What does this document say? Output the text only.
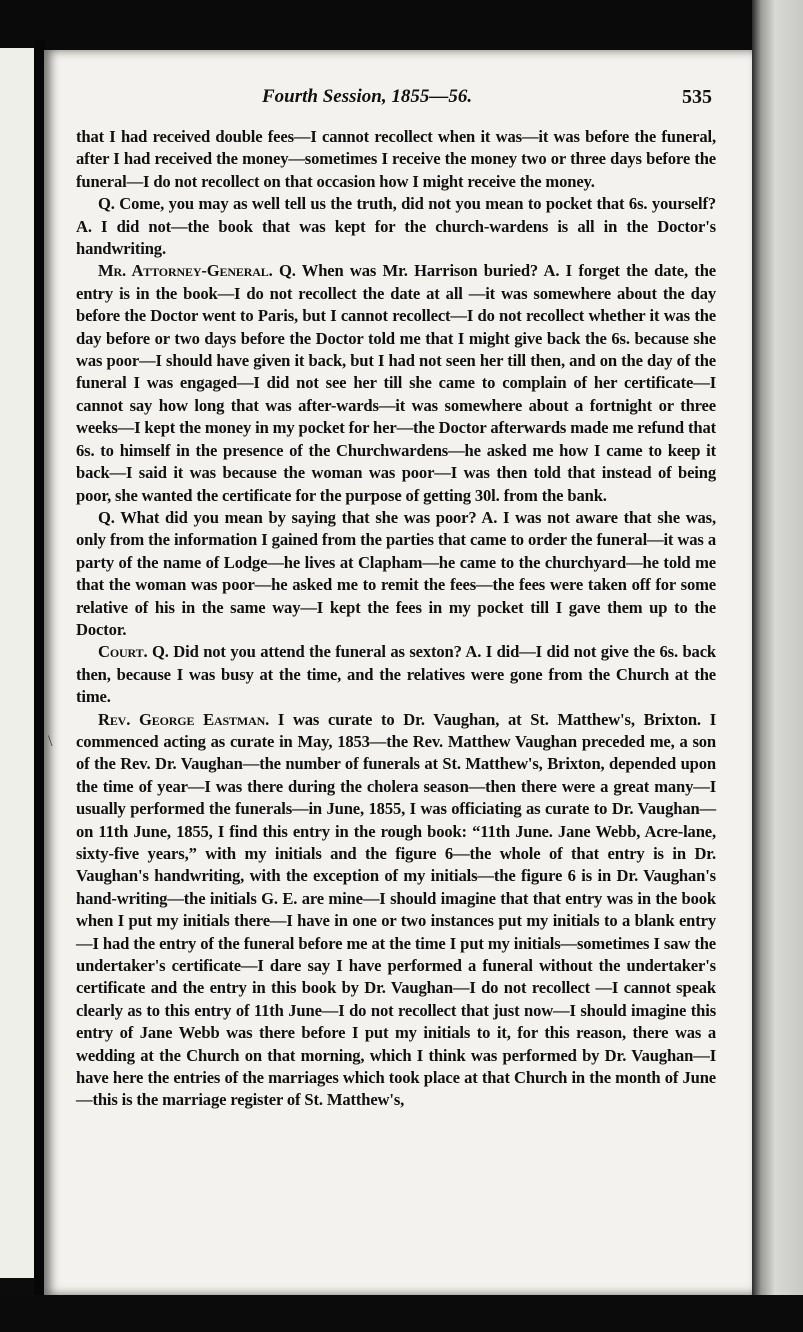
Fourth Session, 1855—56.	535
\

that I had received double fees—I cannot recollect when it was—it was before the funeral, after I had received the money—sometimes I receive the money two or three days before the funeral—I do not recollect on that occasion how I might receive the money.

Q. Come, you may as well tell us the truth, did not you mean to pocket that 6s. yourself? A. I did not—the book that was kept for the church-wardens is all in the Doctor's handwriting.

Mr. Attorney-General. Q. When was Mr. Harrison buried? A. I forget the date, the entry is in the book—I do not recollect the date at all —it was somewhere about the day before the Doctor went to Paris, but I cannot recollect—I do not recollect whether it was the day before or two days before the Doctor told me that I might give back the 6s. because she was poor—I should have given it back, but I had not seen her till then, and on the day of the funeral I was engaged—I did not see her till she came to complain of her certificate—I cannot say how long that was after-wards—it was somewhere about a fortnight or three weeks—I kept the money in my pocket for her—the Doctor afterwards made me refund that 6s. to himself in the presence of the Churchwardens—he asked me how I came to keep it back—I said it was because the woman was poor—I was then told that instead of being poor, she wanted the certificate for the purpose of getting 30l. from the bank.

Q. What did you mean by saying that she was poor? A. I was not aware that she was, only from the information I gained from the parties that came to order the funeral—it was a party of the name of Lodge—he lives at Clapham—he came to the churchyard—he told me that the woman was poor—he asked me to remit the fees—the fees were taken off for some relative of his in the same way—I kept the fees in my pocket till I gave them up to the Doctor.

Court. Q. Did not you attend the funeral as sexton? A. I did—I did not give the 6s. back then, because I was busy at the time, and the relatives were gone from the Church at the time.

Rev. George Eastman. I was curate to Dr. Vaughan, at St. Matthew's, Brixton. I commenced acting as curate in May, 1853—the Rev. Matthew Vaughan preceded me, a son of the Rev. Dr. Vaughan—the number of funerals at St. Matthew's, Brixton, depended upon the time of year—I was there during the cholera season—then there were a great many—I usually performed the funerals—in June, 1855, I was officiating as curate to Dr. Vaughan—on 11th June, 1855, I find this entry in the rough book: “11th June. Jane Webb, Acre-lane, sixty-five years,” with my initials and the figure 6—the whole of that entry is in Dr. Vaughan's handwriting, with the exception of my initials—the figure 6 is in Dr. Vaughan's hand-writing—the initials G. E. are mine—I should imagine that that entry was in the book when I put my initials there—I have in one or two instances put my initials to a blank entry—I had the entry of the funeral before me at the time I put my initials—sometimes I saw the undertaker's certificate—I dare say I have performed a funeral without the undertaker's certificate and the entry in this book by Dr. Vaughan—I do not recollect —I cannot speak clearly as to this entry of 11th June—I do not recollect that just now—I should imagine this entry of Jane Webb was there before I put my initials to it, for this reason, there was a wedding at the Church on that morning, which I think was performed by Dr. Vaughan—I have here the entries of the marriages which took place at that Church in the month of June—this is the marriage register of St. Matthew's,
